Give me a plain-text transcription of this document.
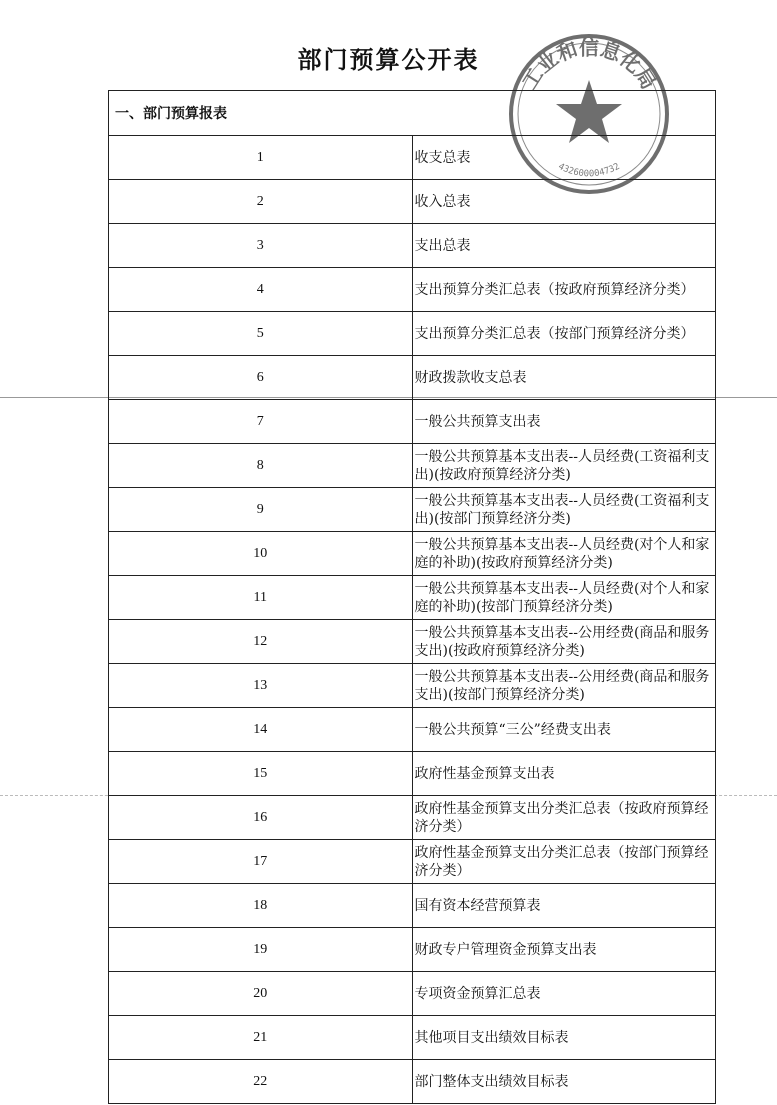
部门预算公开表
工业和信息化局
432600004732
一、部门预算报表	
1	收支总表
2	收入总表
3	支出总表
4	支出预算分类汇总表（按政府预算经济分类）
5	支出预算分类汇总表（按部门预算经济分类）
6	财政拨款收支总表
7	一般公共预算支出表
8	一般公共预算基本支出表--人员经费(工资福利支出)(按政府预算经济分类)
9	一般公共预算基本支出表--人员经费(工资福利支出)(按部门预算经济分类)
10	一般公共预算基本支出表--人员经费(对个人和家庭的补助)(按政府预算经济分类)
11	一般公共预算基本支出表--人员经费(对个人和家庭的补助)(按部门预算经济分类)
12	一般公共预算基本支出表--公用经费(商品和服务支出)(按政府预算经济分类)
13	一般公共预算基本支出表--公用经费(商品和服务支出)(按部门预算经济分类)
14	一般公共预算“三公”经费支出表
15	政府性基金预算支出表
16	政府性基金预算支出分类汇总表（按政府预算经济分类）
17	政府性基金预算支出分类汇总表（按部门预算经济分类）
18	国有资本经营预算表
19	财政专户管理资金预算支出表
20	专项资金预算汇总表
21	其他项目支出绩效目标表
22	部门整体支出绩效目标表
